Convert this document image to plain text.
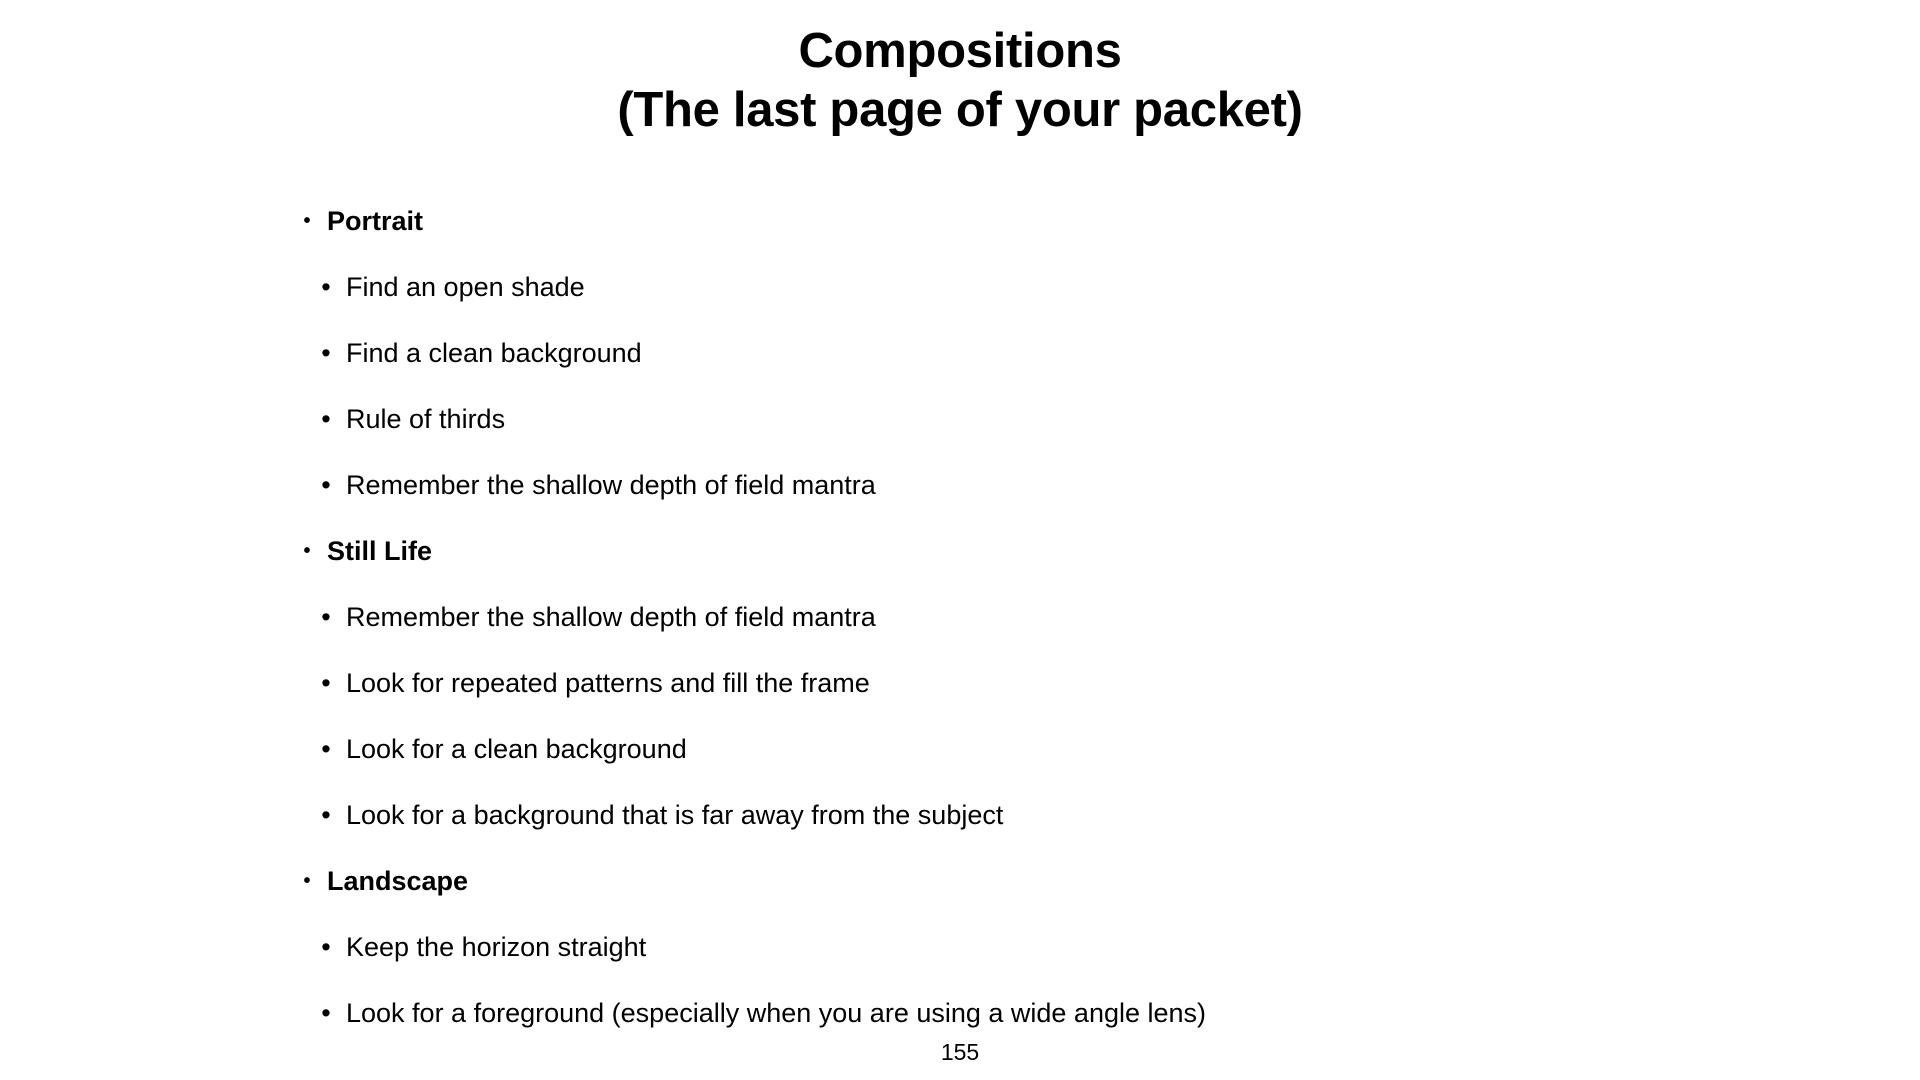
Compositions
(The last page of your packet)
• Portrait
• Find an open shade
• Find a clean background
• Rule of thirds
• Remember the shallow depth of field mantra
• Still Life
• Remember the shallow depth of field mantra
• Look for repeated patterns and fill the frame
• Look for a clean background
• Look for a background that is far away from the subject
• Landscape
• Keep the horizon straight
• Look for a foreground (especially when you are using a wide angle lens)
155
